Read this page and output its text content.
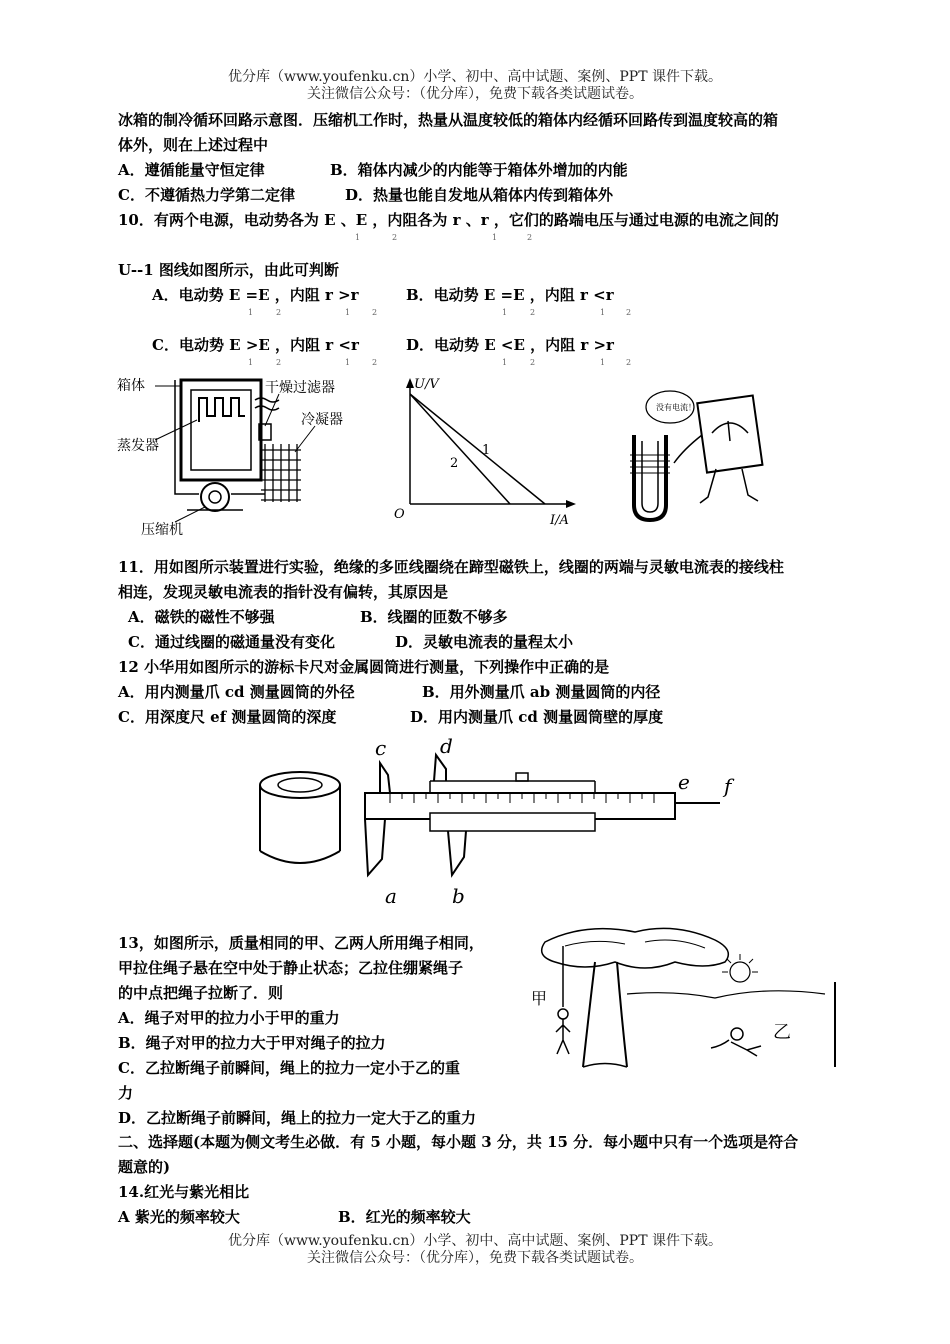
优分库（www.youfenku.cn）小学、初中、高中试题、案例、PPT 课件下载。
关注微信公众号：（优分库），免费下载各类试题试卷。
冰箱的制冷循环回路示意图．压缩机工作时，热量从温度较低的箱体内经循环回路传到温度较高的箱
体外，则在上述过程中
A．遵循能量守恒定律	B．箱体内减少的内能等于箱体外增加的内能
C．不遵循热力学第二定律	D．热量也能自发地从箱体内传到箱体外
10．有两个电源，电动势各为 E 、E ，内阻各为 r 、r ，它们的路端电压与通过电源的电流之间的
1	2	1	2
U--1 图线如图所示，由此可判断
A．电动势 E =E ，内阻 r >r	B．电动势 E =E ，内阻 r <r
1	2	1	2	1	2	1	2
C．电动势 E >E ，内阻 r <r	D．电动势 E <E ，内阻 r >r
1	2	1	2	1	2	1	2
箱体	干燥过滤器
冷凝器
蒸发器
压缩机
U/V
I/A
O
1
2
没有电流！
11．用如图所示装置进行实验，绝缘的多匝线圈绕在蹄型磁铁上，线圈的两端与灵敏电流表的接线柱
相连，发现灵敏电流表的指针没有偏转，其原因是
A．磁铁的磁性不够强	B．线圈的匝数不够多
C．通过线圈的磁通量没有变化	D．灵敏电流表的量程太小
12 小华用如图所示的游标卡尺对金属圆筒进行测量，下列操作中正确的是
A．用内测量爪 cd 测量圆筒的外径	B．用外测量爪 ab 测量圆筒的内径
C．用深度尺 ef 测量圆筒的深度	D．用内测量爪 cd 测量圆筒壁的厚度
c	d
e f
a	b
13，如图所示，质量相同的甲、乙两人所用绳子相同，
甲拉住绳子悬在空中处于静止状态；乙拉住绷紧绳子
的中点把绳子拉断了．则
A．绳子对甲的拉力小于甲的重力
B．绳子对甲的拉力大于甲对绳子的拉力
C．乙拉断绳子前瞬间，绳上的拉力一定小于乙的重
力
D．乙拉断绳子前瞬间，绳上的拉力一定大于乙的重力
甲
乙
二、选择题(本题为侧文考生必做．有 5 小题，每小题 3 分，共 15 分．每小题中只有一个选项是符合
题意的)
14.红光与紫光相比
A 紫光的频率较大	B．红光的频率较大
优分库（www.youfenku.cn）小学、初中、高中试题、案例、PPT 课件下载。
关注微信公众号：（优分库），免费下载各类试题试卷。
